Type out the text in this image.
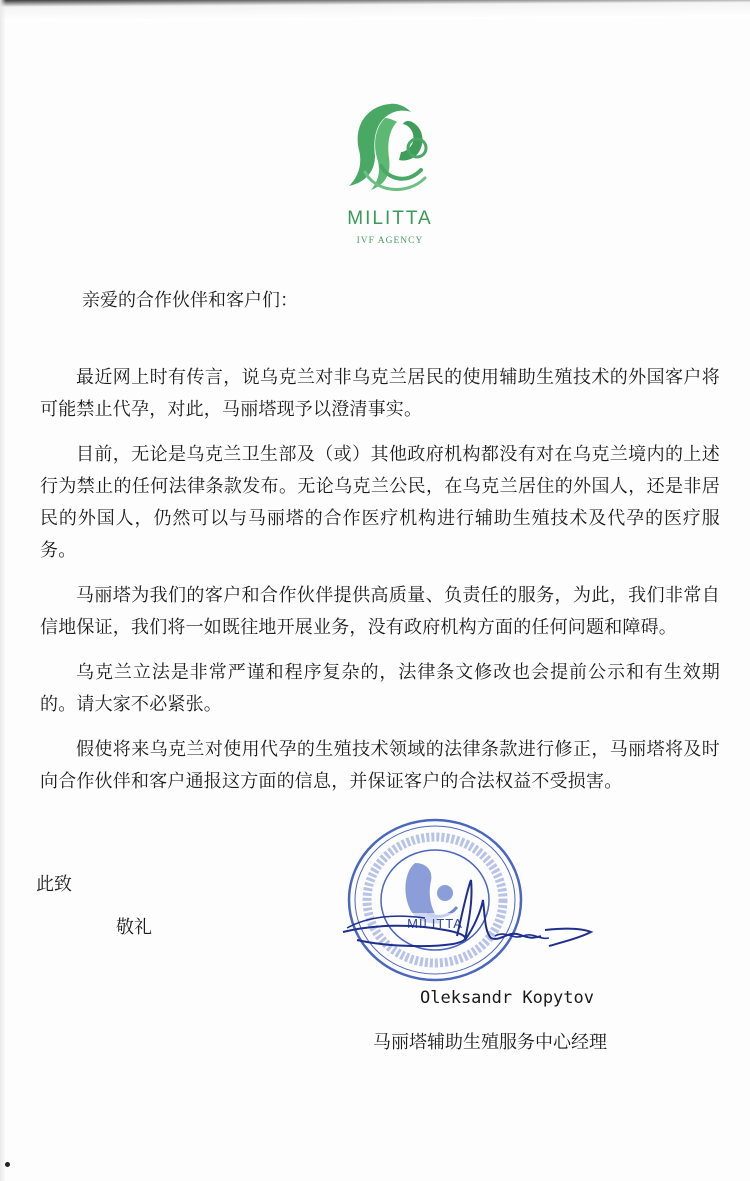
MILITTA
IVF AGENCY
亲爱的合作伙伴和客户们：

最近网上时有传言，说乌克兰对非乌克兰居民的使用辅助生殖技术的外国客户将可能禁止代孕，对此，马丽塔现予以澄清事实。

目前，无论是乌克兰卫生部及（或）其他政府机构都没有对在乌克兰境内的上述行为禁止的任何法律条款发布。无论乌克兰公民，在乌克兰居住的外国人，还是非居民的外国人，仍然可以与马丽塔的合作医疗机构进行辅助生殖技术及代孕的医疗服务。

马丽塔为我们的客户和合作伙伴提供高质量、负责任的服务，为此，我们非常自信地保证，我们将一如既往地开展业务，没有政府机构方面的任何问题和障碍。

乌克兰立法是非常严谨和程序复杂的，法律条文修改也会提前公示和有生效期的。请大家不必紧张。

假使将来乌克兰对使用代孕的生殖技术领域的法律条款进行修正，马丽塔将及时向合作伙伴和客户通报这方面的信息，并保证客户的合法权益不受损害。

此致
敬礼	MILITTA
Oleksandr Kopytov
马丽塔辅助生殖服务中心经理
